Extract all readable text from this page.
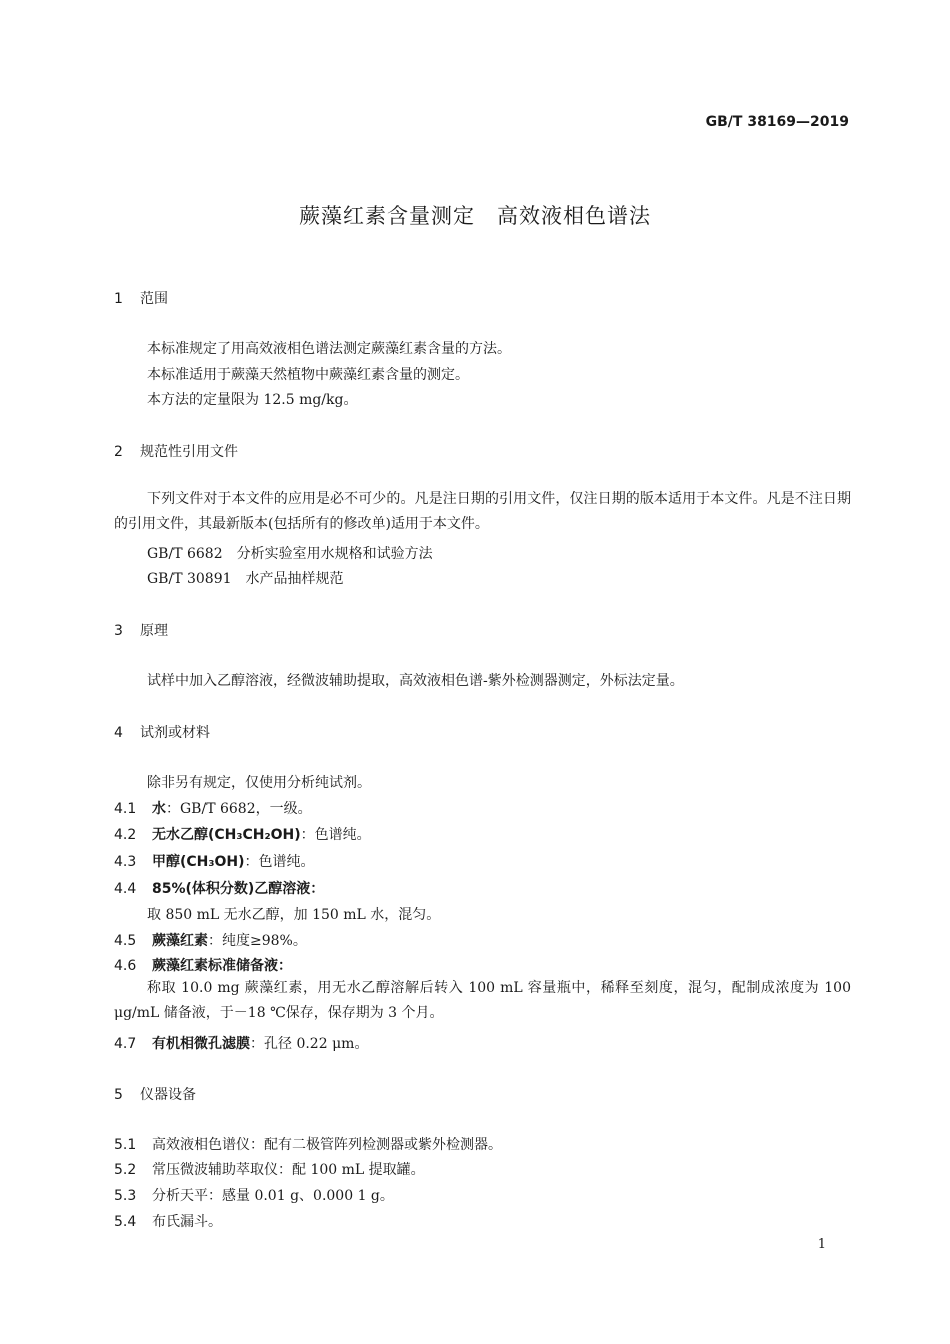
GB/T 38169—2019
蕨藻红素含量测定　高效液相色谱法
1 范围
本标准规定了用高效液相色谱法测定蕨藻红素含量的方法。
本标准适用于蕨藻天然植物中蕨藻红素含量的测定。
本方法的定量限为 12.5 mg/kg。
2 规范性引用文件
下列文件对于本文件的应用是必不可少的。凡是注日期的引用文件，仅注日期的版本适用于本文件。凡是不注日期的引用文件，其最新版本(包括所有的修改单)适用于本文件。
GB/T 6682　分析实验室用水规格和试验方法
GB/T 30891　水产品抽样规范
3 原理
试样中加入乙醇溶液，经微波辅助提取，高效液相色谱-紫外检测器测定，外标法定量。
4 试剂或材料
除非另有规定，仅使用分析纯试剂。
4.1 水：GB/T 6682，一级。
4.2 无水乙醇(CH₃CH₂OH)：色谱纯。
4.3 甲醇(CH₃OH)：色谱纯。
4.4 85%(体积分数)乙醇溶液：
取 850 mL 无水乙醇，加 150 mL 水，混匀。
4.5 蕨藻红素：纯度≥98%。
4.6 蕨藻红素标准储备液：
称取 10.0 mg 蕨藻红素，用无水乙醇溶解后转入 100 mL 容量瓶中，稀释至刻度，混匀，配制成浓度为 100 μg/mL 储备液，于－18 ℃保存，保存期为 3 个月。
4.7 有机相微孔滤膜：孔径 0.22 μm。
5 仪器设备
5.1 高效液相色谱仪：配有二极管阵列检测器或紫外检测器。
5.2 常压微波辅助萃取仪：配 100 mL 提取罐。
5.3 分析天平：感量 0.01 g、0.000 1 g。
5.4 布氏漏斗。
1
